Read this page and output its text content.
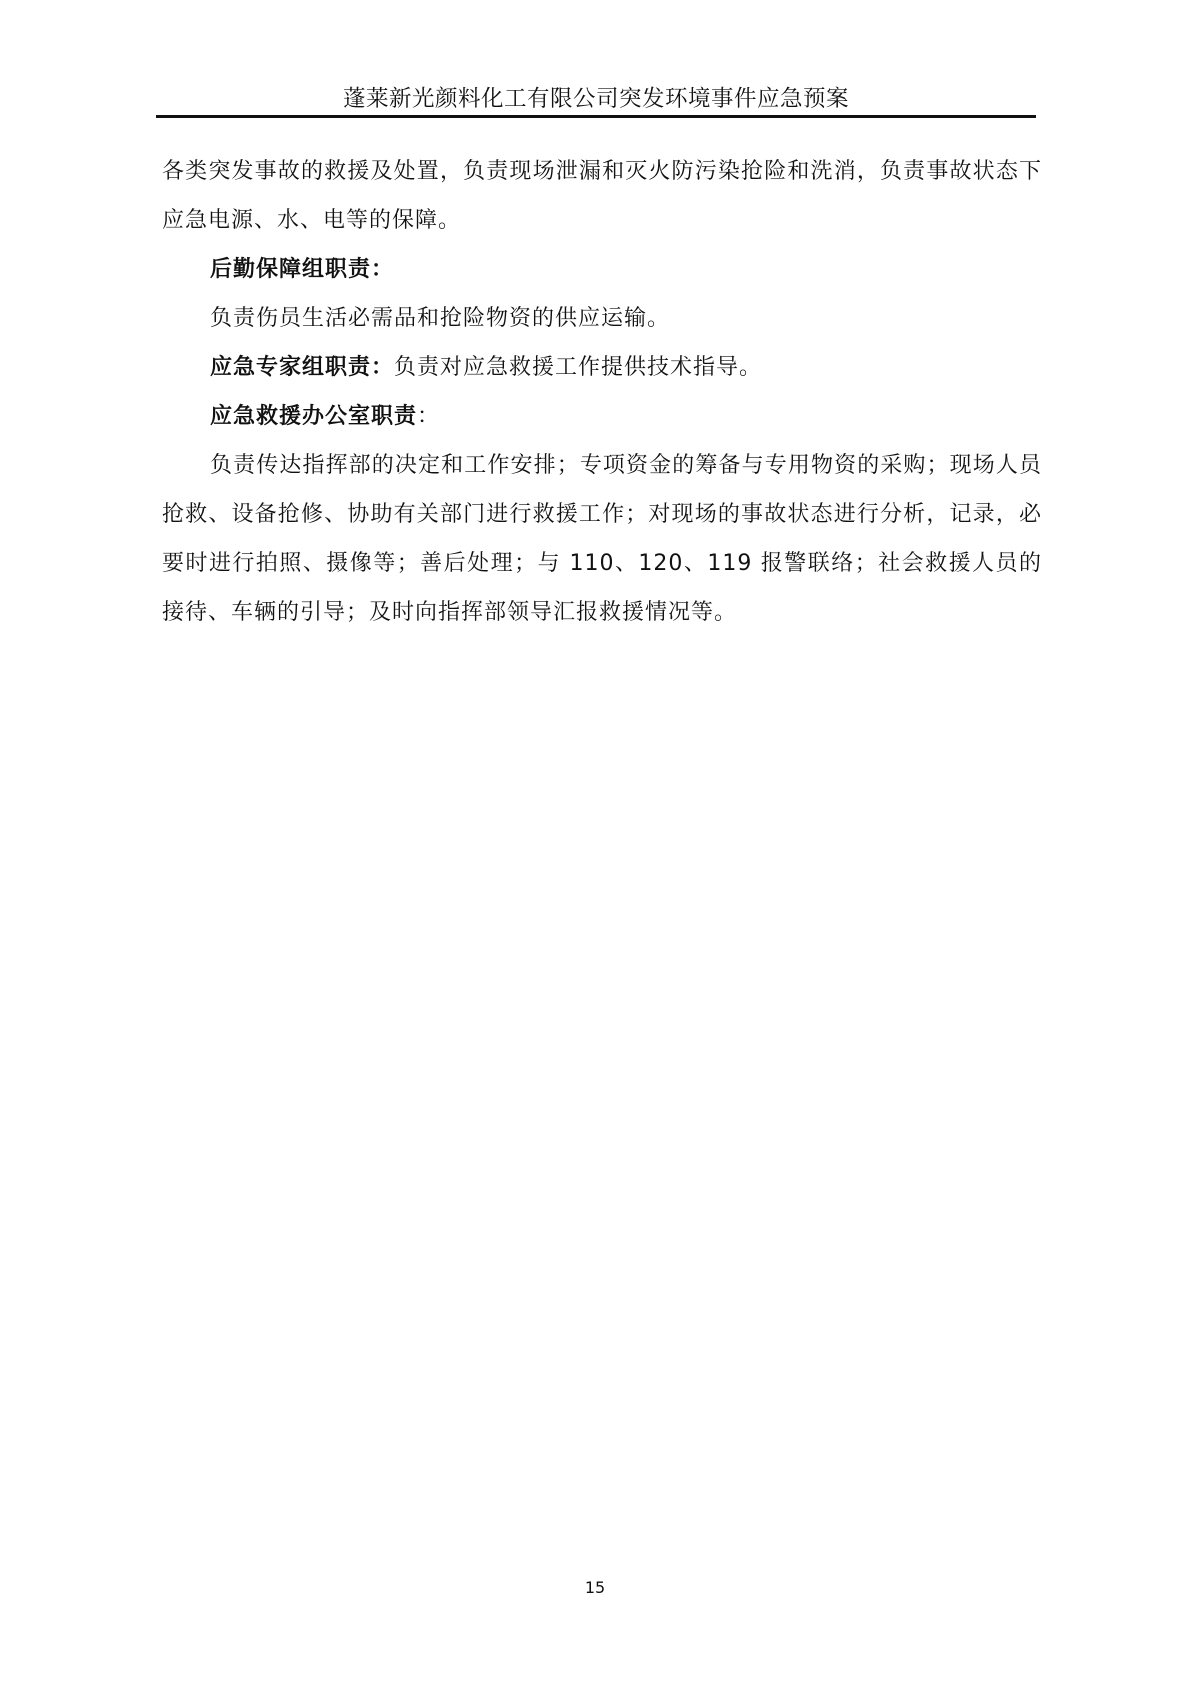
蓬莱新光颜料化工有限公司突发环境事件应急预案

各类突发事故的救援及处置，负责现场泄漏和灭火防污染抢险和洗消，负责事故状态下应急电源、水、电等的保障。

后勤保障组职责：

负责伤员生活必需品和抢险物资的供应运输。

应急专家组职责：负责对应急救援工作提供技术指导。

应急救援办公室职责：

负责传达指挥部的决定和工作安排；专项资金的筹备与专用物资的采购；现场人员抢救、设备抢修、协助有关部门进行救援工作；对现场的事故状态进行分析，记录，必要时进行拍照、摄像等；善后处理；与 110、120、119 报警联络；社会救援人员的接待、车辆的引导；及时向指挥部领导汇报救援情况等。

15
